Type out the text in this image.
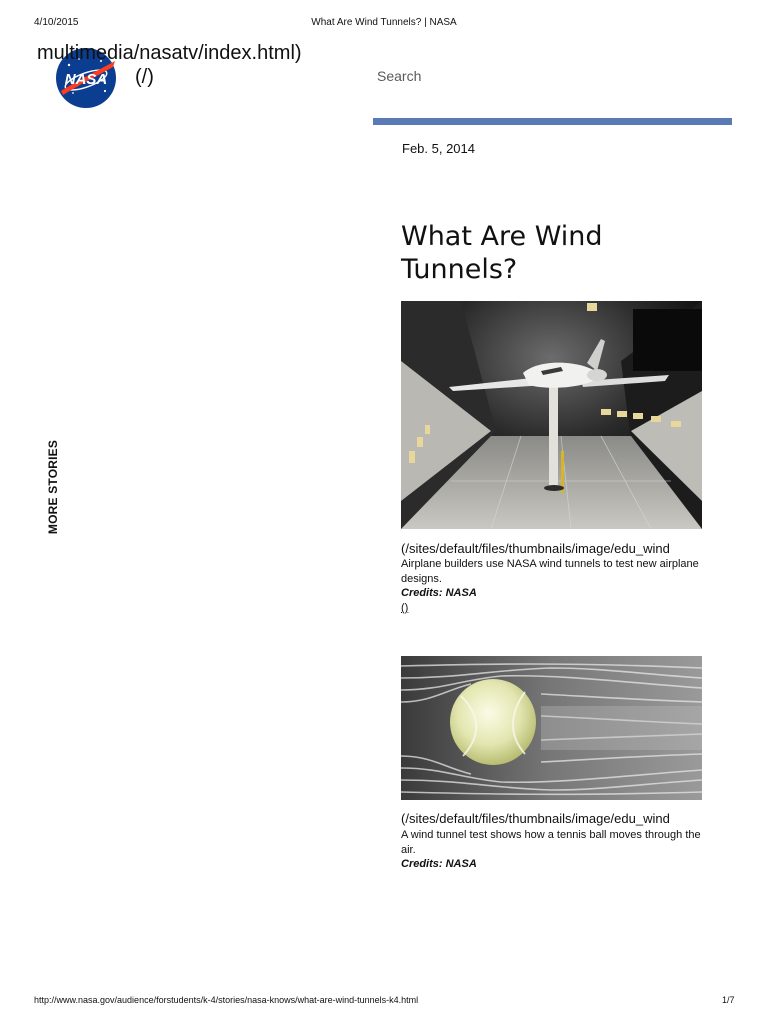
4/10/2015	What Are Wind Tunnels? | NASA
NASA
multimedia/nasatv/index.html)
(/)	Search
Feb. 5, 2014
What Are Wind Tunnels?
MORE STORIES
(/sites/default/files/thumbnails/image/edu_wind
Airplane builders use NASA wind tunnels to test new airplane designs.
Credits: NASA
()
(/sites/default/files/thumbnails/image/edu_wind
A wind tunnel test shows how a tennis ball moves through the air.
Credits: NASA
http://www.nasa.gov/audience/forstudents/k-4/stories/nasa-knows/what-are-wind-tunnels-k4.html	1/7
